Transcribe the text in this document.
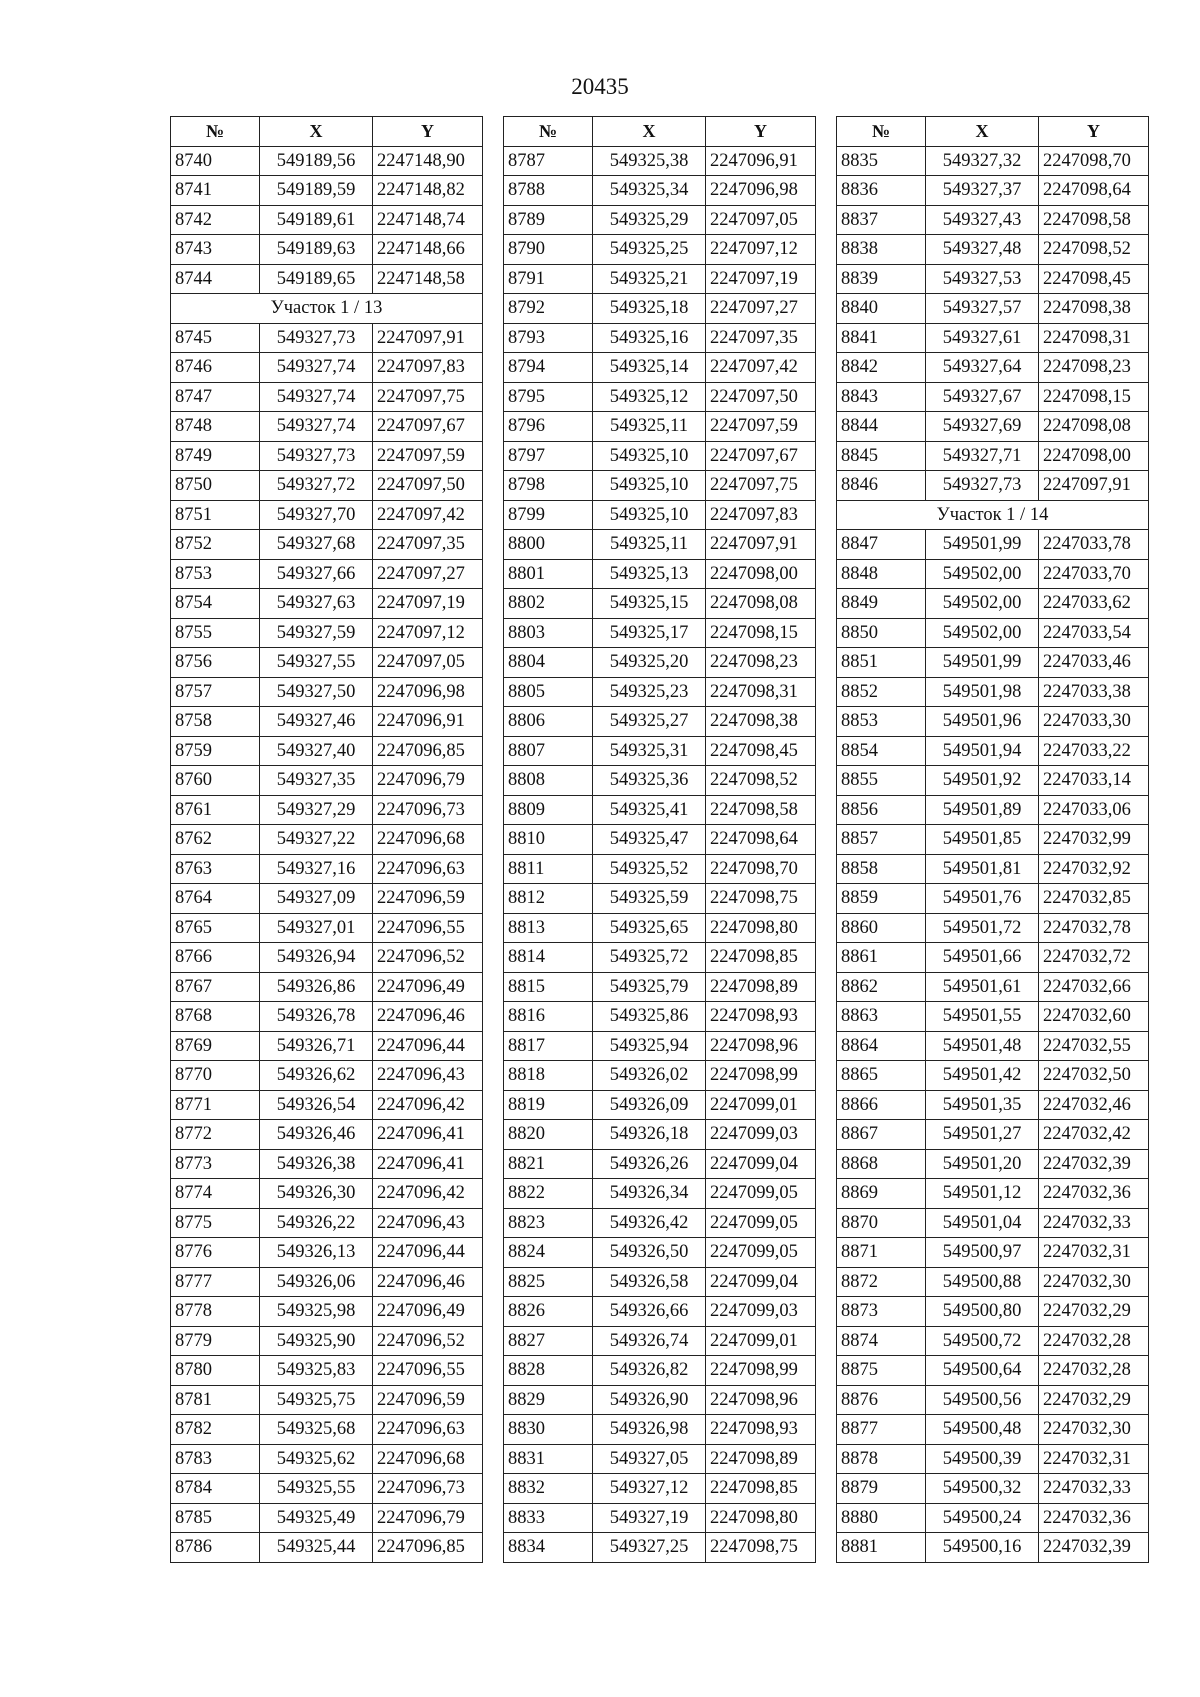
20435
№	X	Y
8740	549189,56	2247148,90
8741	549189,59	2247148,82
8742	549189,61	2247148,74
8743	549189,63	2247148,66
8744	549189,65	2247148,58
Участок 1 / 13		
8745	549327,73	2247097,91
8746	549327,74	2247097,83
8747	549327,74	2247097,75
8748	549327,74	2247097,67
8749	549327,73	2247097,59
8750	549327,72	2247097,50
8751	549327,70	2247097,42
8752	549327,68	2247097,35
8753	549327,66	2247097,27
8754	549327,63	2247097,19
8755	549327,59	2247097,12
8756	549327,55	2247097,05
8757	549327,50	2247096,98
8758	549327,46	2247096,91
8759	549327,40	2247096,85
8760	549327,35	2247096,79
8761	549327,29	2247096,73
8762	549327,22	2247096,68
8763	549327,16	2247096,63
8764	549327,09	2247096,59
8765	549327,01	2247096,55
8766	549326,94	2247096,52
8767	549326,86	2247096,49
8768	549326,78	2247096,46
8769	549326,71	2247096,44
8770	549326,62	2247096,43
8771	549326,54	2247096,42
8772	549326,46	2247096,41
8773	549326,38	2247096,41
8774	549326,30	2247096,42
8775	549326,22	2247096,43
8776	549326,13	2247096,44
8777	549326,06	2247096,46
8778	549325,98	2247096,49
8779	549325,90	2247096,52
8780	549325,83	2247096,55
8781	549325,75	2247096,59
8782	549325,68	2247096,63
8783	549325,62	2247096,68
8784	549325,55	2247096,73
8785	549325,49	2247096,79
8786	549325,44	2247096,85
№	X	Y
8787	549325,38	2247096,91
8788	549325,34	2247096,98
8789	549325,29	2247097,05
8790	549325,25	2247097,12
8791	549325,21	2247097,19
8792	549325,18	2247097,27
8793	549325,16	2247097,35
8794	549325,14	2247097,42
8795	549325,12	2247097,50
8796	549325,11	2247097,59
8797	549325,10	2247097,67
8798	549325,10	2247097,75
8799	549325,10	2247097,83
8800	549325,11	2247097,91
8801	549325,13	2247098,00
8802	549325,15	2247098,08
8803	549325,17	2247098,15
8804	549325,20	2247098,23
8805	549325,23	2247098,31
8806	549325,27	2247098,38
8807	549325,31	2247098,45
8808	549325,36	2247098,52
8809	549325,41	2247098,58
8810	549325,47	2247098,64
8811	549325,52	2247098,70
8812	549325,59	2247098,75
8813	549325,65	2247098,80
8814	549325,72	2247098,85
8815	549325,79	2247098,89
8816	549325,86	2247098,93
8817	549325,94	2247098,96
8818	549326,02	2247098,99
8819	549326,09	2247099,01
8820	549326,18	2247099,03
8821	549326,26	2247099,04
8822	549326,34	2247099,05
8823	549326,42	2247099,05
8824	549326,50	2247099,05
8825	549326,58	2247099,04
8826	549326,66	2247099,03
8827	549326,74	2247099,01
8828	549326,82	2247098,99
8829	549326,90	2247098,96
8830	549326,98	2247098,93
8831	549327,05	2247098,89
8832	549327,12	2247098,85
8833	549327,19	2247098,80
8834	549327,25	2247098,75
№	X	Y
8835	549327,32	2247098,70
8836	549327,37	2247098,64
8837	549327,43	2247098,58
8838	549327,48	2247098,52
8839	549327,53	2247098,45
8840	549327,57	2247098,38
8841	549327,61	2247098,31
8842	549327,64	2247098,23
8843	549327,67	2247098,15
8844	549327,69	2247098,08
8845	549327,71	2247098,00
8846	549327,73	2247097,91
Участок 1 / 14		
8847	549501,99	2247033,78
8848	549502,00	2247033,70
8849	549502,00	2247033,62
8850	549502,00	2247033,54
8851	549501,99	2247033,46
8852	549501,98	2247033,38
8853	549501,96	2247033,30
8854	549501,94	2247033,22
8855	549501,92	2247033,14
8856	549501,89	2247033,06
8857	549501,85	2247032,99
8858	549501,81	2247032,92
8859	549501,76	2247032,85
8860	549501,72	2247032,78
8861	549501,66	2247032,72
8862	549501,61	2247032,66
8863	549501,55	2247032,60
8864	549501,48	2247032,55
8865	549501,42	2247032,50
8866	549501,35	2247032,46
8867	549501,27	2247032,42
8868	549501,20	2247032,39
8869	549501,12	2247032,36
8870	549501,04	2247032,33
8871	549500,97	2247032,31
8872	549500,88	2247032,30
8873	549500,80	2247032,29
8874	549500,72	2247032,28
8875	549500,64	2247032,28
8876	549500,56	2247032,29
8877	549500,48	2247032,30
8878	549500,39	2247032,31
8879	549500,32	2247032,33
8880	549500,24	2247032,36
8881	549500,16	2247032,39
